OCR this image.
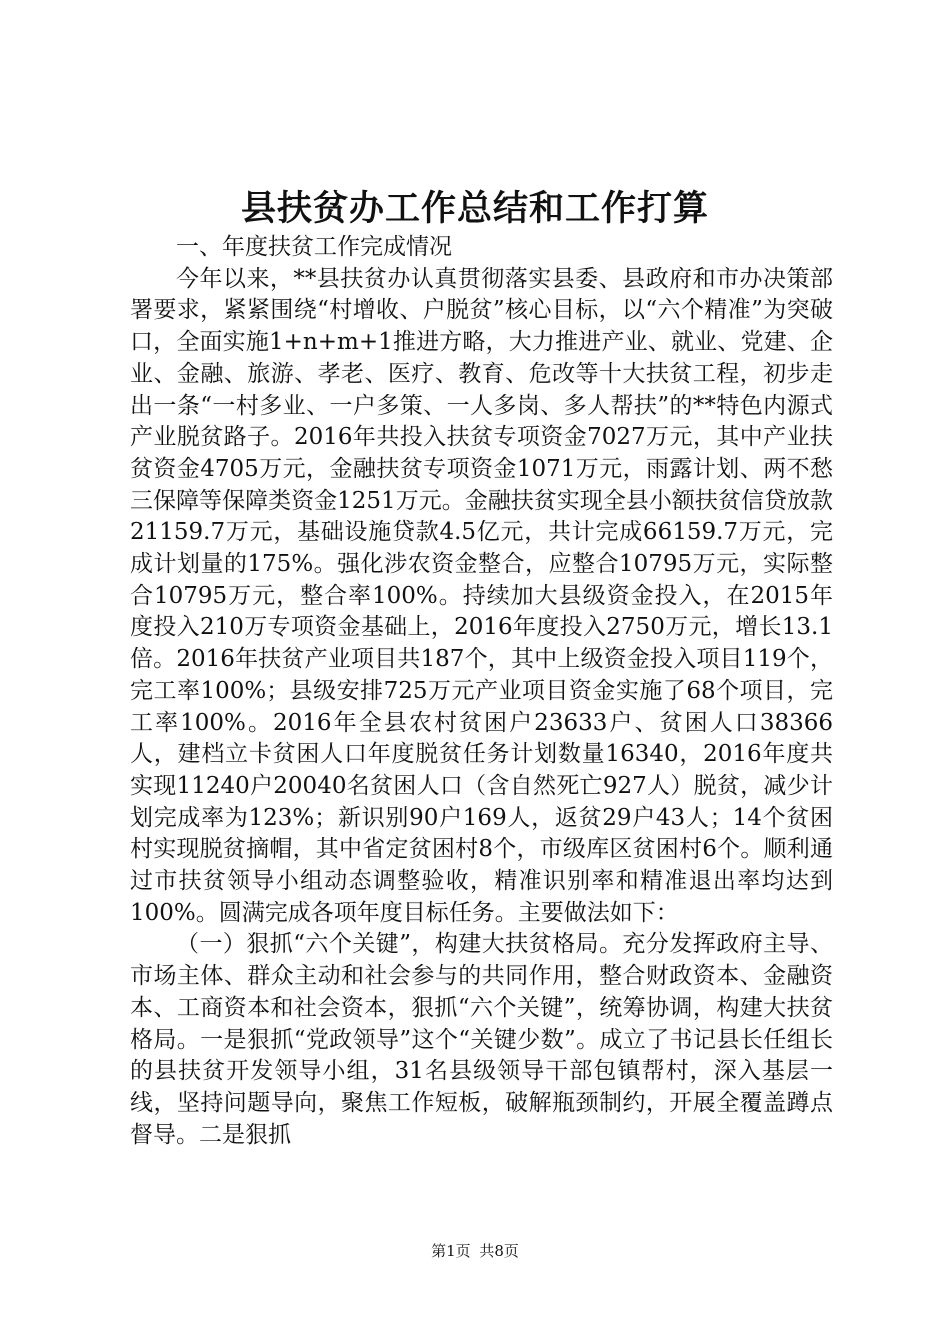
县扶贫办工作总结和工作打算

一、年度扶贫工作完成情况

今年以来，**县扶贫办认真贯彻落实县委、县政府和市办决策部署要求，紧紧围绕“村增收、户脱贫”核心目标，以“六个精准”为突破口，全面实施1+n+m+1推进方略，大力推进产业、就业、党建、企业、金融、旅游、孝老、医疗、教育、危改等十大扶贫工程，初步走出一条“一村多业、一户多策、一人多岗、多人帮扶”的**特色内源式产业脱贫路子。2016年共投入扶贫专项资金7027万元，其中产业扶贫资金4705万元，金融扶贫专项资金1071万元，雨露计划、两不愁三保障等保障类资金1251万元。金融扶贫实现全县小额扶贫信贷放款21159.7万元，基础设施贷款4.5亿元，共计完成66159.7万元，完成计划量的175%。强化涉农资金整合，应整合10795万元，实际整合10795万元，整合率100%。持续加大县级资金投入，在2015年度投入210万专项资金基础上，2016年度投入2750万元，增长13.1倍。2016年扶贫产业项目共187个，其中上级资金投入项目119个，完工率100%；县级安排725万元产业项目资金实施了68个项目，完工率100%。2016年全县农村贫困户23633户、贫困人口38366人，建档立卡贫困人口年度脱贫任务计划数量16340，2016年度共实现11240户20040名贫困人口（含自然死亡927人）脱贫，减少计划完成率为123%；新识别90户169人，返贫29户43人；14个贫困村实现脱贫摘帽，其中省定贫困村8个，市级库区贫困村6个。顺利通过市扶贫领导小组动态调整验收，精准识别率和精准退出率均达到100%。圆满完成各项年度目标任务。主要做法如下：

（一）狠抓“六个关键”，构建大扶贫格局。充分发挥政府主导、市场主体、群众主动和社会参与的共同作用，整合财政资本、金融资本、工商资本和社会资本，狠抓“六个关键”，统筹协调，构建大扶贫格局。一是狠抓“党政领导”这个“关键少数”。成立了书记县长任组长的县扶贫开发领导小组，31名县级领导干部包镇帮村，深入基层一线，坚持问题导向，聚焦工作短板，破解瓶颈制约，开展全覆盖蹲点督导。二是狠抓

第1页 共8页
